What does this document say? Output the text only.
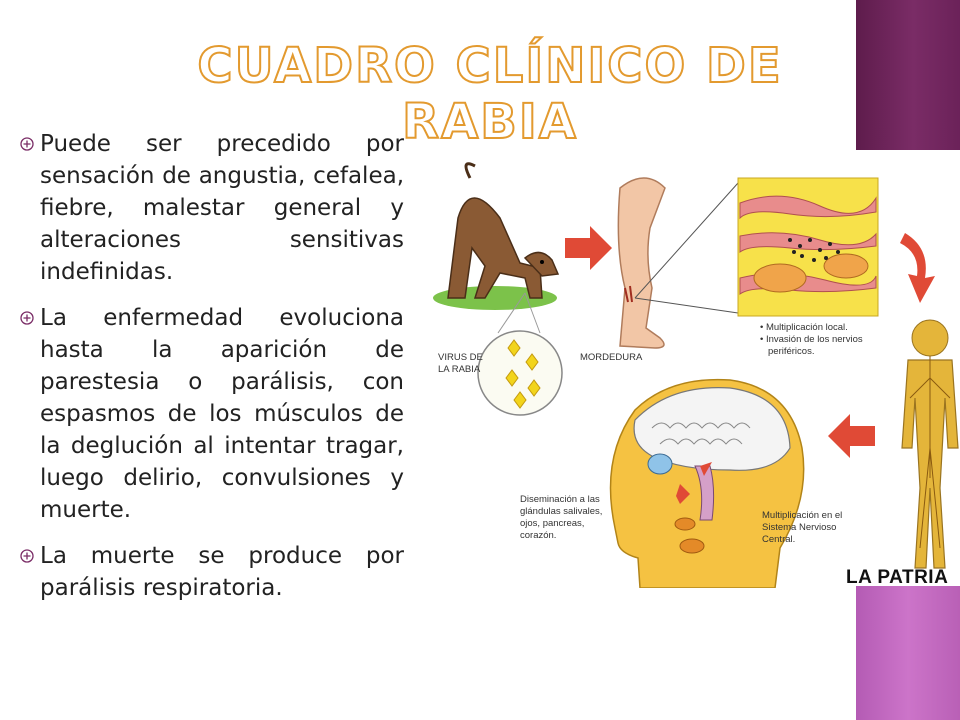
CUADRO CLÍNICO DE RABIA
Puede ser precedido por sensación de angustia, cefalea, fiebre, malestar general y alteraciones sensitivas indefinidas.
La enfermedad evoluciona hasta la aparición de parestesia o parálisis, con espasmos de los músculos de la deglución al intentar tragar, luego delirio, convulsiones y muerte.
La muerte se produce por parálisis respiratoria.
VIRUS DE
LA RABIA
MORDEDURA
• Multiplicación local.
• Invasión de los nervios
periféricos.
Diseminación a las
glándulas salivales,
ojos, pancreas,
corazón.
Multiplicación en el
Sistema Nervioso
Central.
LA PATRIA
